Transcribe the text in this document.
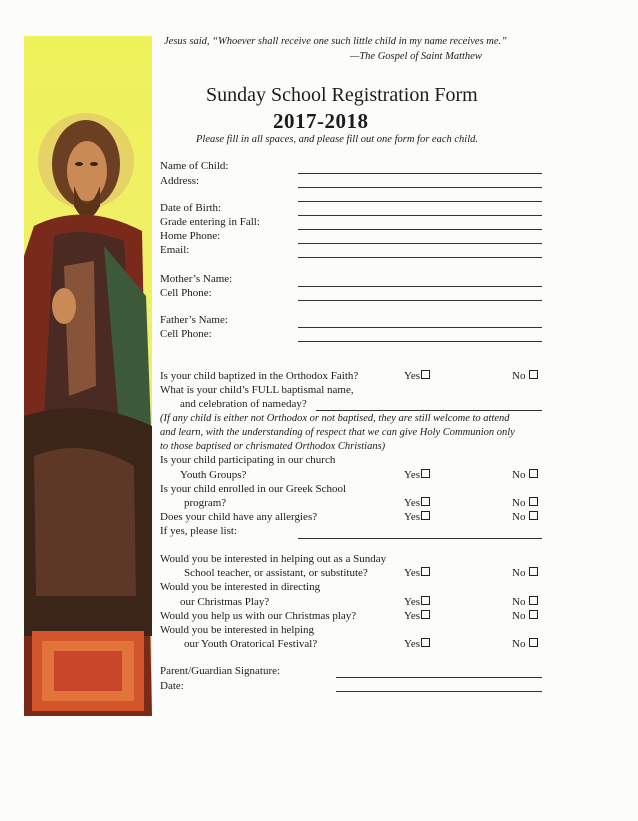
Jesus said, “Whoever shall receive one such little child in my name receives me.”
—The Gospel of Saint Matthew
Sunday School Registration Form
2017-2018
Please fill in all spaces, and please fill out one form for each child.
Name of Child:
Address:
Date of Birth:
Grade entering in Fall:
Home Phone:
Email:
Mother’s Name:
Cell Phone:
Father’s Name:
Cell Phone:
Is your child baptized in the Orthodox Faith?	Yes	No
What is your child’s FULL baptismal name,
and celebration of nameday?
(If any child is either not Orthodox or not baptised, they are still welcome to attend
and learn, with the understanding of respect that we can give Holy Communion only
to those baptised or chrismated Orthodox Christians)
Is your child participating in our church
Youth Groups?	Yes	No
Is your child enrolled in our Greek School
program?	Yes	No
Does your child have any allergies?	Yes	No
If yes, please list:
Would you be interested in helping out as a Sunday
School teacher, or assistant, or substitute?	Yes	No
Would you be interested in directing
our Christmas Play?	Yes	No
Would you help us with our Christmas play?	Yes	No
Would you be interested in helping
our Youth Oratorical Festival?	Yes	No
Parent/Guardian Signature:
Date:
